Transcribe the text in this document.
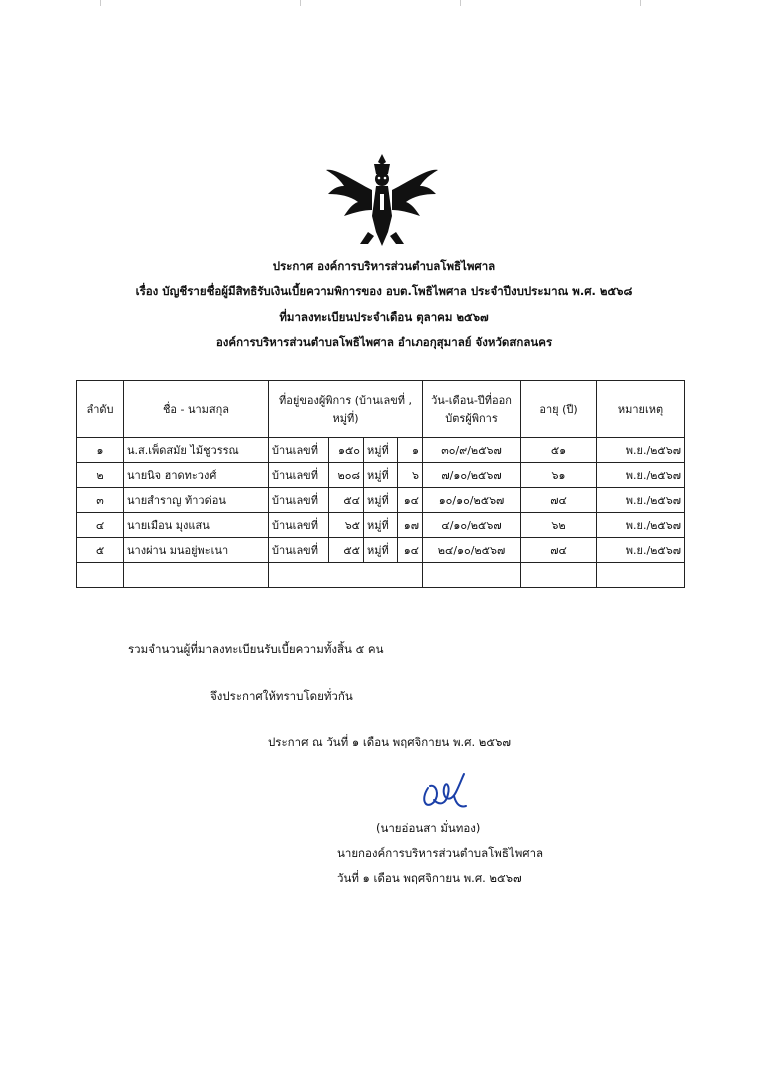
ประกาศ องค์การบริหารส่วนตำบลโพธิไพศาล
เรื่อง บัญชีรายชื่อผู้มีสิทธิรับเงินเบี้ยความพิการของ อบต.โพธิไพศาล ประจำปีงบประมาณ พ.ศ. ๒๕๖๘
ที่มาลงทะเบียนประจำเดือน ตุลาคม ๒๕๖๗
องค์การบริหารส่วนตำบลโพธิไพศาล อำเภอกุสุมาลย์ จังหวัดสกลนคร
ลำดับ	ชื่อ - นามสกุล	ที่อยู่ของผู้พิการ (บ้านเลขที่ , หมู่ที่)				วัน-เดือน-ปีที่ออกบัตรผู้พิการ	อายุ (ปี)	หมายเหตุ
๑	น.ส.เพ็ดสมัย ไม้ชูวรรณ	บ้านเลขที่	๑๕๐	หมู่ที่	๑	๓๐/๙/๒๕๖๗	๕๑	พ.ย./๒๕๖๗
๒	นายนิจ ฮาดทะวงศ์	บ้านเลขที่	๒๐๘	หมู่ที่	๖	๗/๑๐/๒๕๖๗	๖๑	พ.ย./๒๕๖๗
๓	นายสำราญ ท้าวด่อน	บ้านเลขที่	๕๔	หมู่ที่	๑๔	๑๐/๑๐/๒๕๖๗	๗๔	พ.ย./๒๕๖๗
๔	นายเมือน มุงแสน	บ้านเลขที่	๖๕	หมู่ที่	๑๗	๔/๑๐/๒๕๖๗	๖๒	พ.ย./๒๕๖๗
๕	นางผ่าน มนอยู่พะเนา	บ้านเลขที่	๕๕	หมู่ที่	๑๔	๒๔/๑๐/๒๕๖๗	๗๔	พ.ย./๒๕๖๗

รวมจำนวนผู้ที่มาลงทะเบียนรับเบี้ยความทั้งสิ้น ๕ คน
จึงประกาศให้ทราบโดยทั่วกัน
ประกาศ ณ วันที่ ๑ เดือน พฤศจิกายน พ.ศ. ๒๕๖๗
(นายอ่อนสา มั่นทอง)
นายกองค์การบริหารส่วนตำบลโพธิไพศาล
วันที่ ๑ เดือน พฤศจิกายน พ.ศ. ๒๕๖๗
